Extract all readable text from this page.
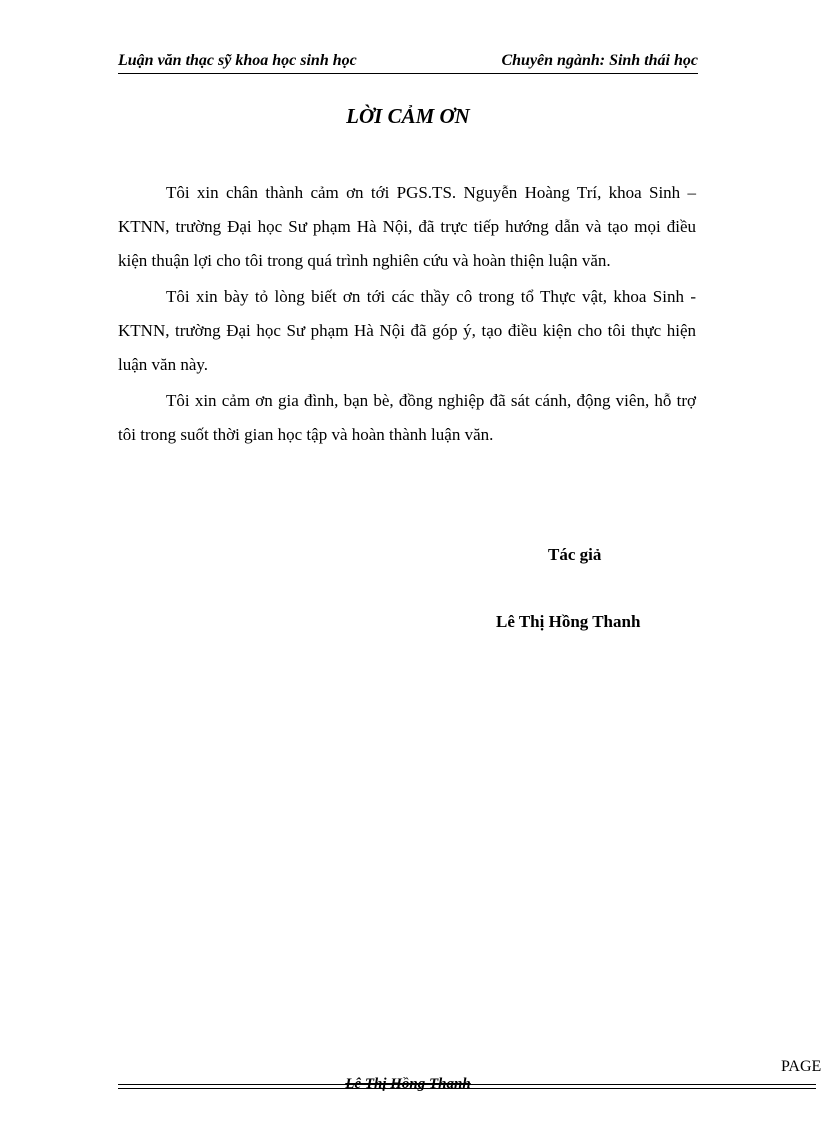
Luận văn thạc sỹ khoa học sinh học	Chuyên ngành: Sinh thái học
LỜI CẢM ƠN

Tôi xin chân thành cảm ơn tới PGS.TS. Nguyễn Hoàng Trí, khoa Sinh – KTNN, trường Đại học Sư phạm Hà Nội, đã trực tiếp hướng dẫn và tạo mọi điều kiện thuận lợi cho tôi trong quá trình nghiên cứu và hoàn thiện luận văn.

Tôi xin bày tỏ lòng biết ơn tới các thầy cô trong tổ Thực vật, khoa Sinh - KTNN, trường Đại học Sư phạm Hà Nội đã góp ý, tạo điều kiện cho tôi thực hiện luận văn này.

Tôi xin cảm ơn gia đình, bạn bè, đồng nghiệp đã sát cánh, động viên, hỗ trợ tôi trong suốt thời gian học tập và hoàn thành luận văn.

Tác giả
Lê Thị Hồng Thanh
PAGE
Lê Thị Hồng Thanh
